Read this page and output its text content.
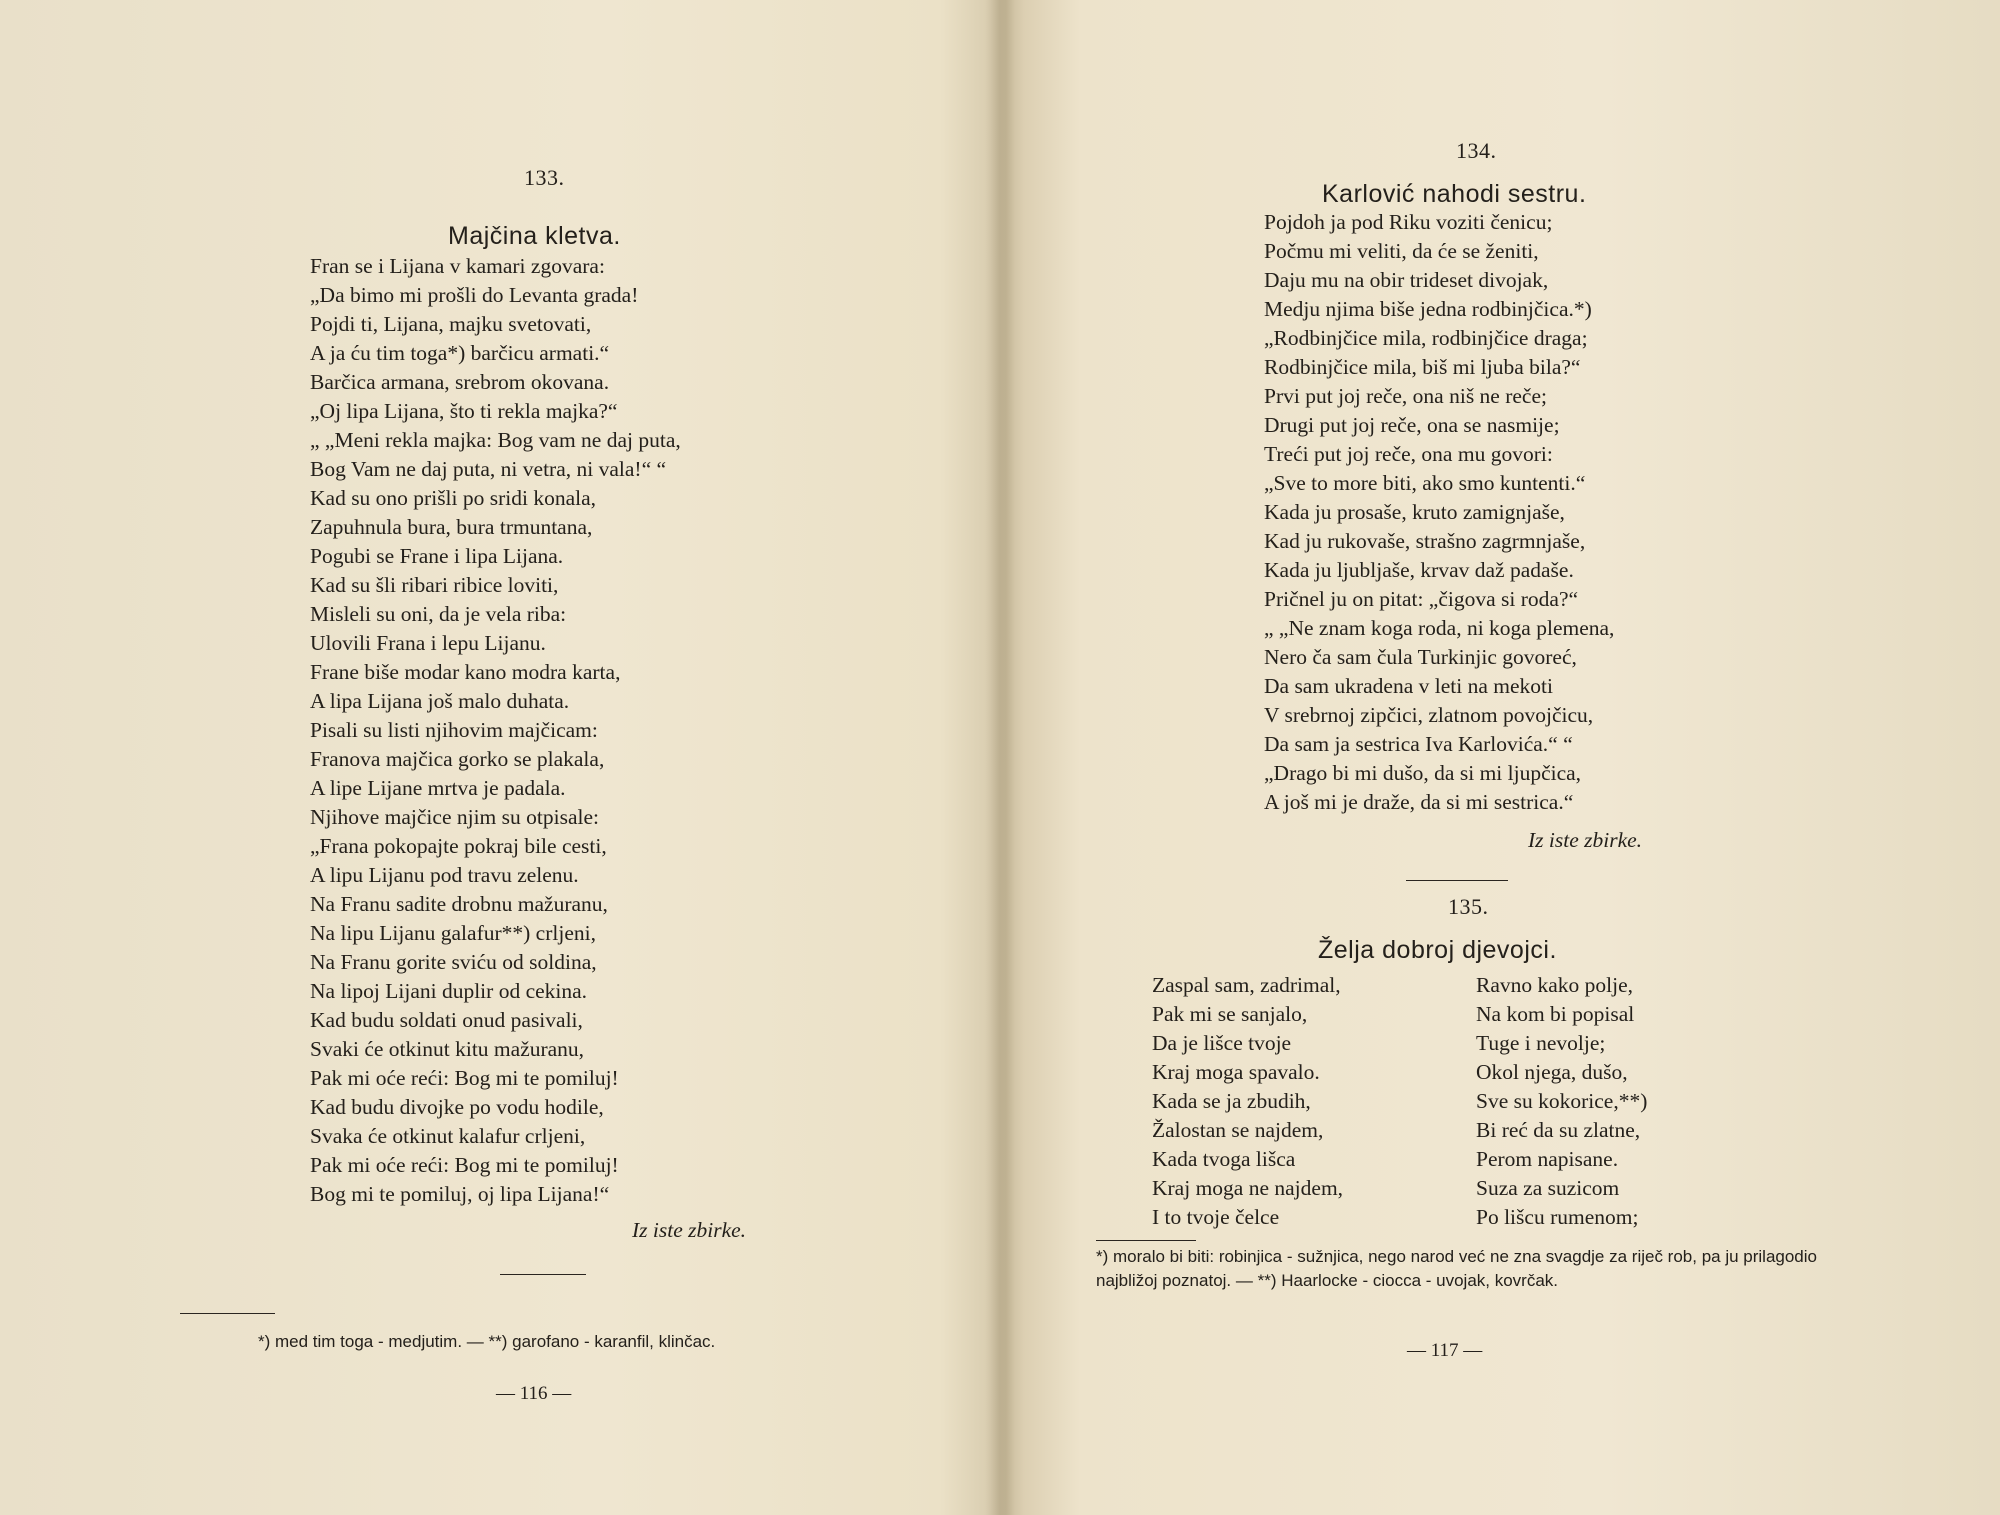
133.
Majčina kletva.
Fran se i Lijana v kamari zgovara:
„Da bimo mi prošli do Levanta grada!
Pojdi ti, Lijana, majku svetovati,
A ja ću tim toga*) barčicu armati.“
Barčica armana, srebrom okovana.
„Oj lipa Lijana, što ti rekla majka?“
„ „Meni rekla majka: Bog vam ne daj puta,
Bog Vam ne daj puta, ni vetra, ni vala!“ “
Kad su ono prišli po sridi konala,
Zapuhnula bura, bura trmuntana,
Pogubi se Frane i lipa Lijana.
Kad su šli ribari ribice loviti,
Misleli su oni, da je vela riba:
Ulovili Frana i lepu Lijanu.
Frane biše modar kano modra karta,
A lipa Lijana još malo duhata.
Pisali su listi njihovim majčicam:
Franova majčica gorko se plakala,
A lipe Lijane mrtva je padala.
Njihove majčice njim su otpisale:
„Frana pokopajte pokraj bile cesti,
A lipu Lijanu pod travu zelenu.
Na Franu sadite drobnu mažuranu,
Na lipu Lijanu galafur**) crljeni,
Na Franu gorite sviću od soldina,
Na lipoj Lijani duplir od cekina.
Kad budu soldati onud pasivali,
Svaki će otkinut kitu mažuranu,
Pak mi oće reći: Bog mi te pomiluj!
Kad budu divojke po vodu hodile,
Svaka će otkinut kalafur crljeni,
Pak mi oće reći: Bog mi te pomiluj!
Bog mi te pomiluj, oj lipa Lijana!“
Iz iste zbirke.
*) med tim toga - medjutim. — **) garofano - karanfil, klinčac.
— 116 —
134.
Karlović nahodi sestru.
Pojdoh ja pod Riku voziti čenicu;
Počmu mi veliti, da će se ženiti,
Daju mu na obir trideset divojak,
Medju njima biše jedna rodbinjčica.*)
„Rodbinjčice mila, rodbinjčice draga;
Rodbinjčice mila, biš mi ljuba bila?“
Prvi put joj reče, ona niš ne reče;
Drugi put joj reče, ona se nasmije;
Treći put joj reče, ona mu govori:
„Sve to more biti, ako smo kuntenti.“
Kada ju prosaše, kruto zamignjaše,
Kad ju rukovaše, strašno zagrmnjaše,
Kada ju ljubljaše, krvav daž padaše.
Pričnel ju on pitat: „čigova si roda?“
„ „Ne znam koga roda, ni koga plemena,
Nero ča sam čula Turkinjic govoreć,
Da sam ukradena v leti na mekoti
V srebrnoj zipčici, zlatnom povojčicu,
Da sam ja sestrica Iva Karlovića.“ “
„Drago bi mi dušo, da si mi ljupčica,
A još mi je draže, da si mi sestrica.“
Iz iste zbirke.
135.
Želja dobroj djevojci.
Zaspal sam, zadrimal,
Pak mi se sanjalo,
Da je lišce tvoje
Kraj moga spavalo.
Kada se ja zbudih,
Žalostan se najdem,
Kada tvoga lišca
Kraj moga ne najdem,
I to tvoje čelce
Ravno kako polje,
Na kom bi popisal
Tuge i nevolje;
Okol njega, dušo,
Sve su kokorice,**)
Bi reć da su zlatne,
Perom napisane.
Suza za suzicom
Po lišcu rumenom;
*) moralo bi biti: robinjica - sužnjica, nego narod već ne zna svagdje za riječ rob, pa ju prilagodio najbližoj poznatoj. — **) Haarlocke - ciocca - uvojak, kovrčak.
— 117 —
